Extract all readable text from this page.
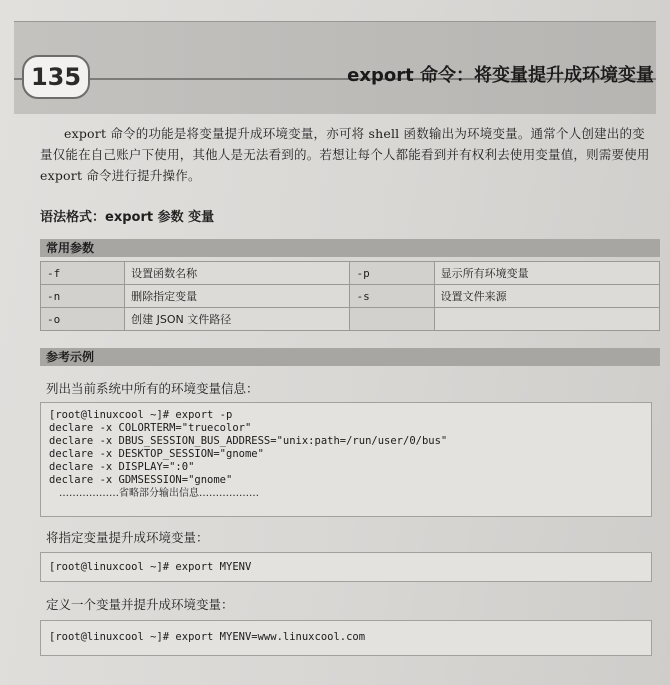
135	export 命令：将变量提升成环境变量
export 命令的功能是将变量提升成环境变量，亦可将 shell 函数输出为环境变量。通常个人创建出的变量仅能在自己账户下使用，其他人是无法看到的。若想让每个人都能看到并有权利去使用变量值，则需要使用 export 命令进行提升操作。
语法格式：export 参数 变量
常用参数
-f	设置函数名称	-p	显示所有环境变量
-n	删除指定变量	-s	设置文件来源
-o	创建 JSON 文件路径		
参考示例
列出当前系统中所有的环境变量信息：
[root@linuxcool ~]# export -p
declare -x COLORTERM="truecolor"
declare -x DBUS_SESSION_BUS_ADDRESS="unix:path=/run/user/0/bus"
declare -x DESKTOP_SESSION="gnome"
declare -x DISPLAY=":0"
declare -x GDMSESSION="gnome"
………………省略部分输出信息………………
将指定变量提升成环境变量：
[root@linuxcool ~]# export MYENV
定义一个变量并提升成环境变量：
[root@linuxcool ~]# export MYENV=www.linuxcool.com
